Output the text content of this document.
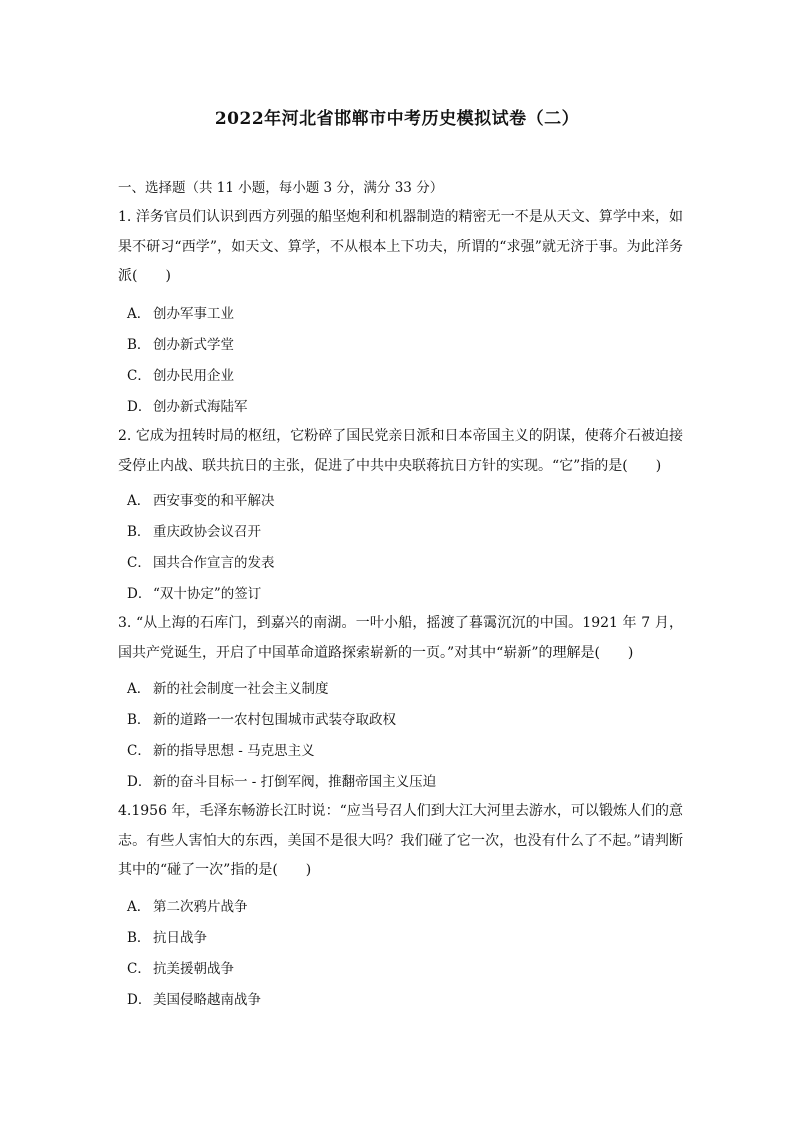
2022年河北省邯郸市中考历史模拟试卷（二）
一、选择题（共 11 小题，每小题 3 分，满分 33 分）
1. 洋务官员们认识到西方列强的船坚炮利和机器制造的精密无一不是从天文、算学中来，如果不研习“西学”，如天文、算学，不从根本上下功夫，所谓的“求强”就无济于事。为此洋务派(　　)
A． 创办军事工业
B． 创办新式学堂
C． 创办民用企业
D． 创办新式海陆军
2. 它成为扭转时局的枢纽，它粉碎了国民党亲日派和日本帝国主义的阴谋，使蒋介石被迫接受停止内战、联共抗日的主张，促进了中共中央联蒋抗日方针的实现。“它”指的是(　　)
A． 西安事变的和平解决
B． 重庆政协会议召开
C． 国共合作宣言的发表
D． “双十协定”的签订
3. “从上海的石库门，到嘉兴的南湖。一叶小船，摇渡了暮霭沉沉的中国。1921 年 7 月，国共产党诞生，开启了中国革命道路探索崭新的一页。”对其中“崭新”的理解是(　　)
A． 新的社会制度一社会主义制度
B． 新的道路一一农村包围城市武装夺取政权
C． 新的指导思想 - 马克思主义
D． 新的奋斗目标一 - 打倒军阀，推翻帝国主义压迫
4.1956 年，毛泽东畅游长江时说：“应当号召人们到大江大河里去游水，可以锻炼人们的意志。有些人害怕大的东西，美国不是很大吗？我们碰了它一次，也没有什么了不起。”请判断其中的“碰了一次”指的是(　　)
A． 第二次鸦片战争
B． 抗日战争
C． 抗美援朝战争
D． 美国侵略越南战争
